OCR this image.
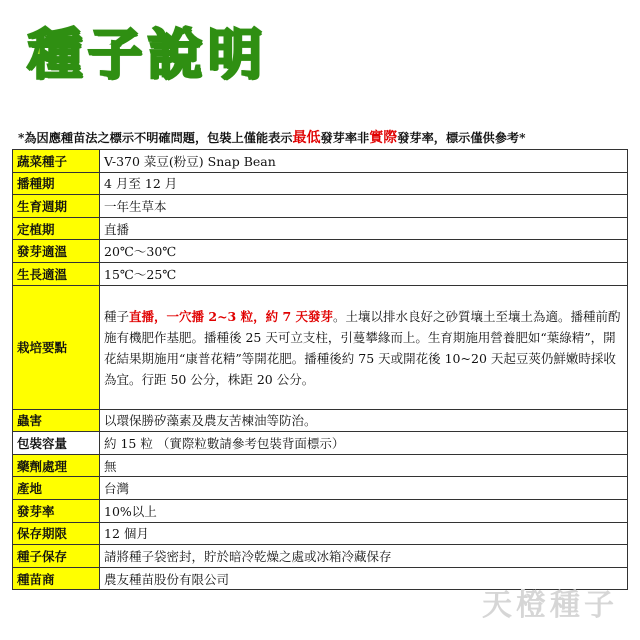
種子說明
*為因應種苗法之標示不明確問題，包裝上僅能表示最低發芽率非實際發芽率，標示僅供參考*
蔬菜種子	V-370 菜豆(粉豆) Snap Bean
播種期	4 月至 12 月
生育週期	一年生草本
定植期	直播
發芽適溫	20℃～30℃
生長適溫	15℃～25℃
栽培要點	種子直播，一穴播 2~3 粒，約 7 天發芽。土壤以排水良好之砂質壤土至壤土為適。播種前酌施有機肥作基肥。播種後 25 天可立支柱，引蔓攀緣而上。生育期施用營養肥如“葉綠精”，開花結果期施用“康普花精”等開花肥。播種後約 75 天或開花後 10~20 天起豆莢仍鮮嫩時採收為宜。行距 50 公分，株距 20 公分。
蟲害	以環保勝矽藻素及農友苦楝油等防治。
包裝容量	約 15 粒 （實際粒數請參考包裝背面標示）
藥劑處理	無
產地	台灣
發芽率	10%以上
保存期限	12 個月
種子保存	請將種子袋密封，貯於暗冷乾燥之處或冰箱冷藏保存
種苗商	農友種苗股份有限公司
天橙種子
